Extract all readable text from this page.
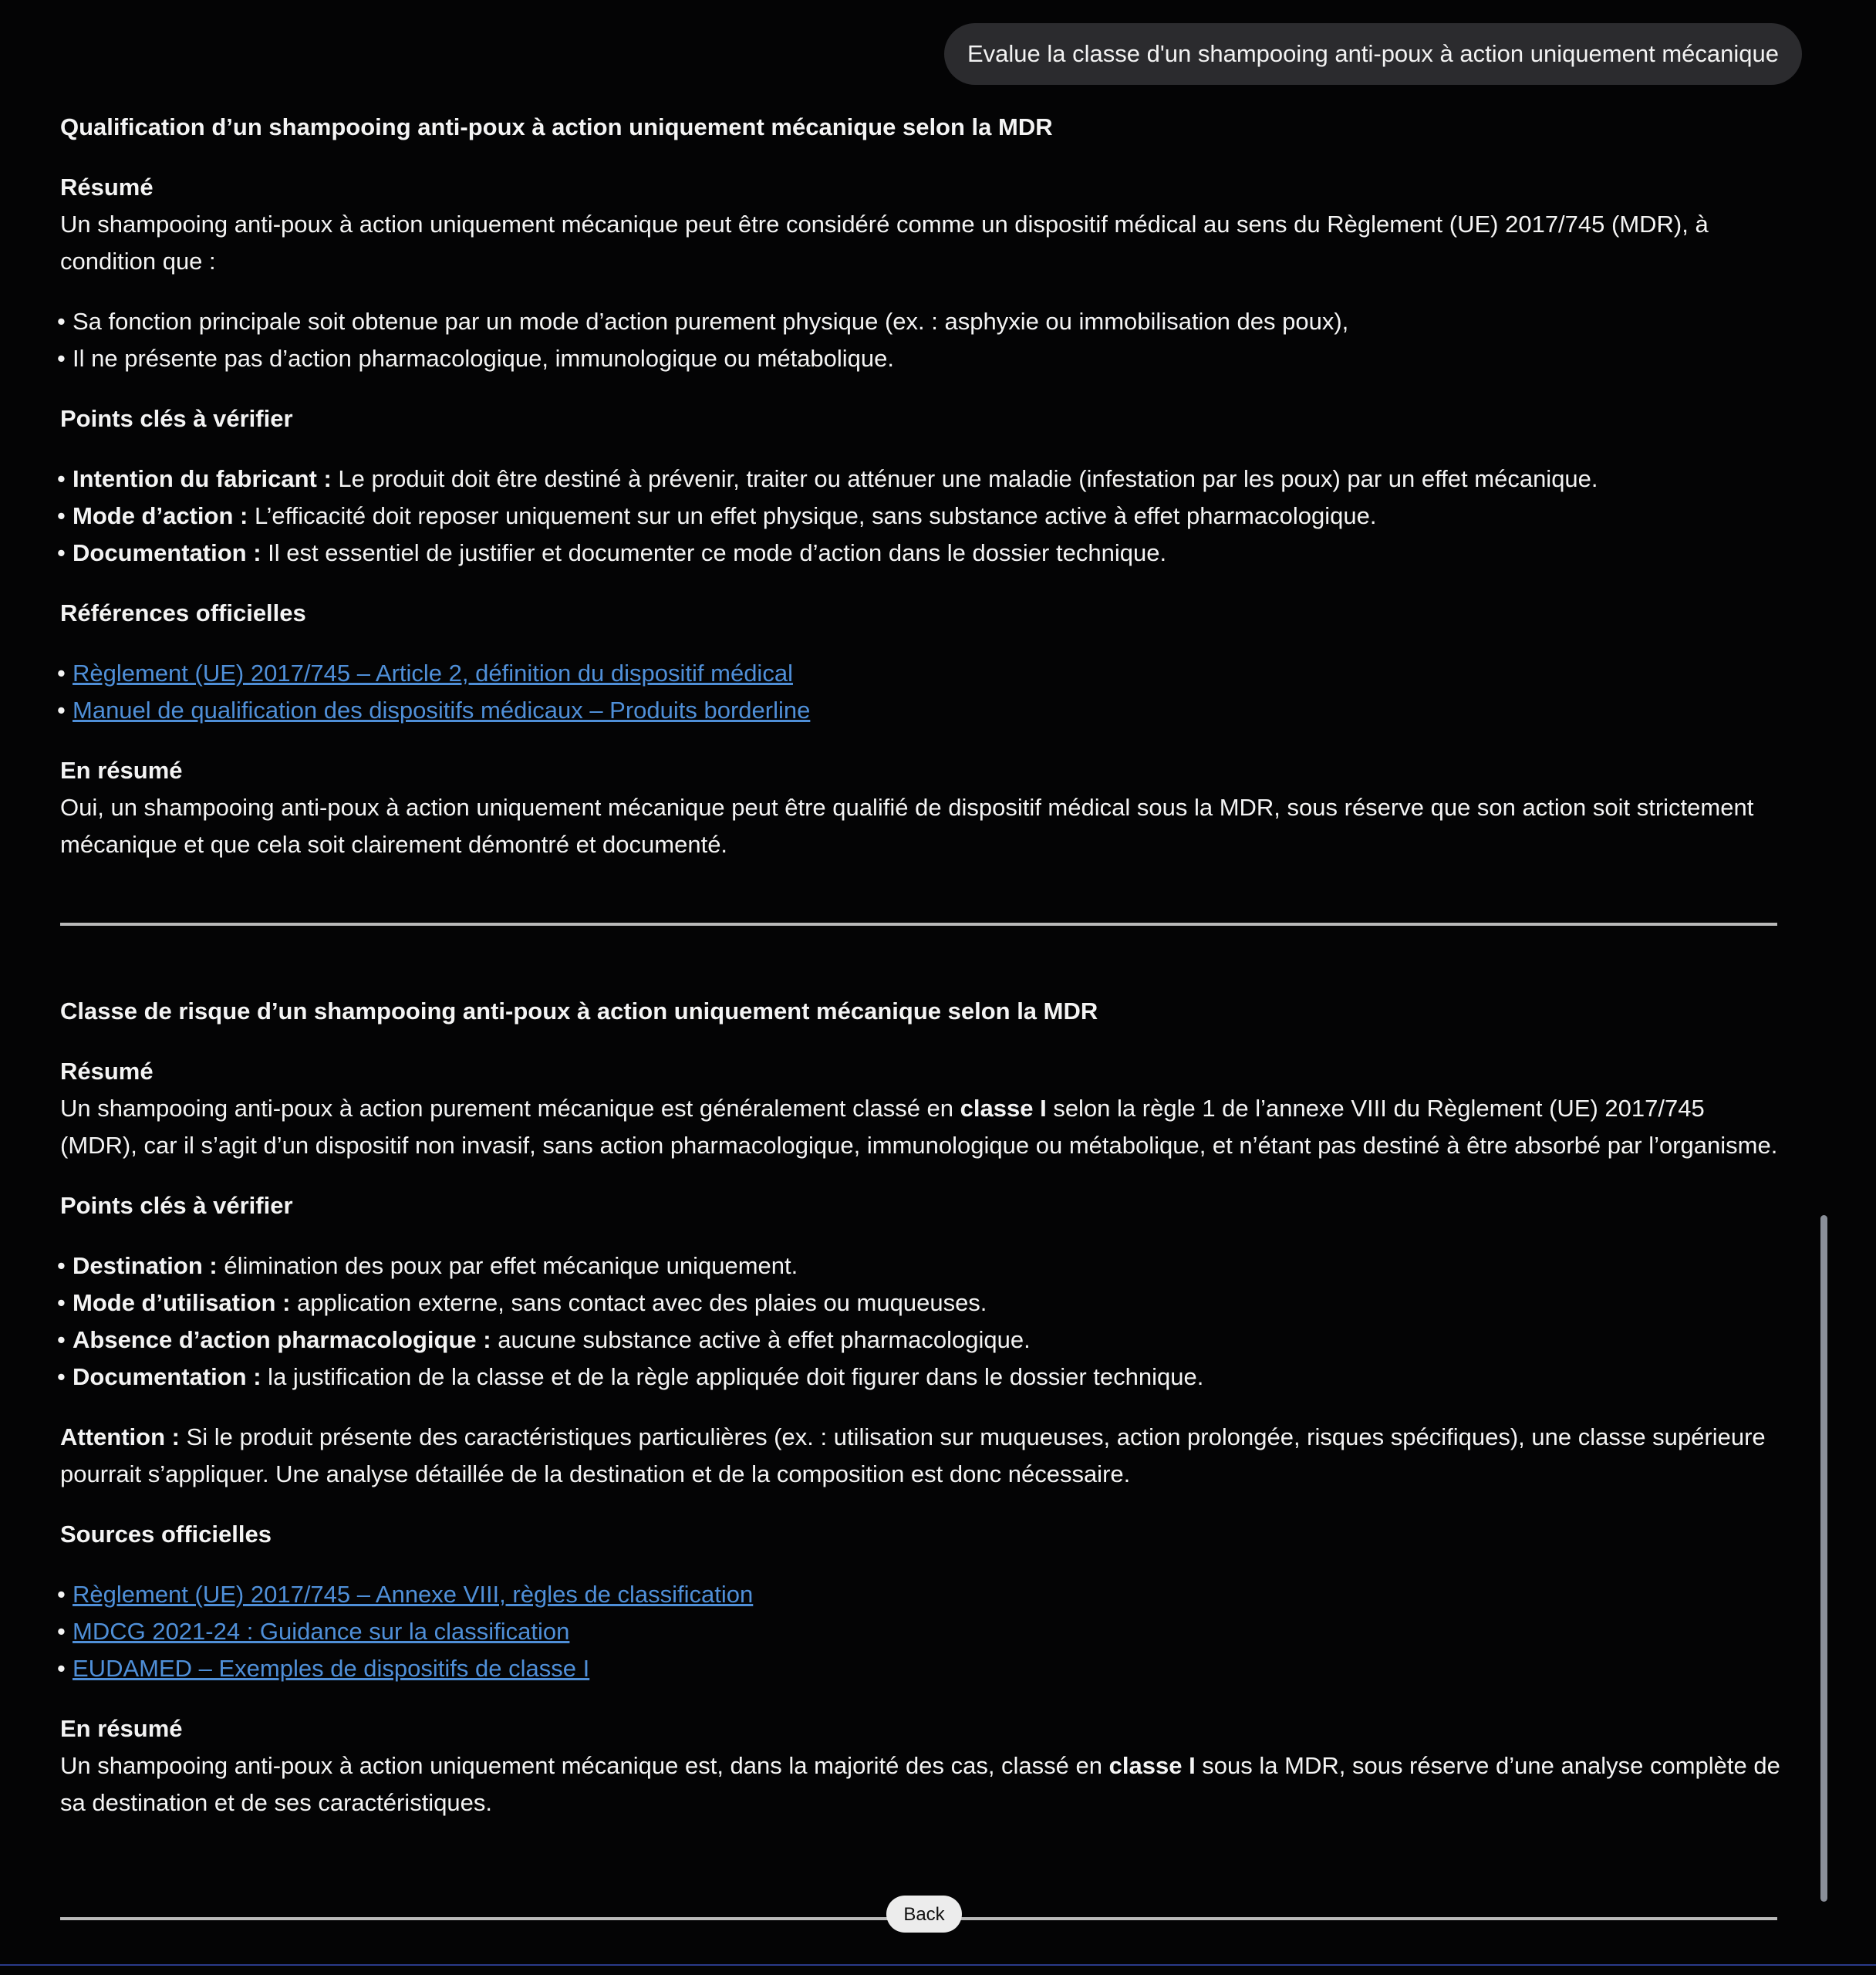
Evalue la classe d'un shampooing anti-poux à action uniquement mécanique
Qualification d’un shampooing anti-poux à action uniquement mécanique selon la MDR
Résumé

Un shampooing anti-poux à action uniquement mécanique peut être considéré comme un dispositif médical au sens du Règlement (UE) 2017/745 (MDR), à condition que :

• Sa fonction principale soit obtenue par un mode d’action purement physique (ex. : asphyxie ou immobilisation des poux),
• Il ne présente pas d’action pharmacologique, immunologique ou métabolique.
Points clés à vérifier
• Intention du fabricant : Le produit doit être destiné à prévenir, traiter ou atténuer une maladie (infestation par les poux) par un effet mécanique.
• Mode d’action : L’efficacité doit reposer uniquement sur un effet physique, sans substance active à effet pharmacologique.
• Documentation : Il est essentiel de justifier et documenter ce mode d’action dans le dossier technique.
Références officielles
• Règlement (UE) 2017/745 – Article 2, définition du dispositif médical
• Manuel de qualification des dispositifs médicaux – Produits borderline
En résumé

Oui, un shampooing anti-poux à action uniquement mécanique peut être qualifié de dispositif médical sous la MDR, sous réserve que son action soit strictement mécanique et que cela soit clairement démontré et documenté.

Classe de risque d’un shampooing anti-poux à action uniquement mécanique selon la MDR
Résumé

Un shampooing anti-poux à action purement mécanique est généralement classé en classe I selon la règle 1 de l’annexe VIII du Règlement (UE) 2017/745 (MDR), car il s’agit d’un dispositif non invasif, sans action pharmacologique, immunologique ou métabolique, et n’étant pas destiné à être absorbé par l’organisme.

Points clés à vérifier
• Destination : élimination des poux par effet mécanique uniquement.
• Mode d’utilisation : application externe, sans contact avec des plaies ou muqueuses.
• Absence d’action pharmacologique : aucune substance active à effet pharmacologique.
• Documentation : la justification de la classe et de la règle appliquée doit figurer dans le dossier technique.

Attention : Si le produit présente des caractéristiques particulières (ex. : utilisation sur muqueuses, action prolongée, risques spécifiques), une classe supérieure pourrait s’appliquer. Une analyse détaillée de la destination et de la composition est donc nécessaire.

Sources officielles
• Règlement (UE) 2017/745 – Annexe VIII, règles de classification
• MDCG 2021-24 : Guidance sur la classification
• EUDAMED – Exemples de dispositifs de classe I
En résumé

Un shampooing anti-poux à action uniquement mécanique est, dans la majorité des cas, classé en classe I sous la MDR, sous réserve d’une analyse complète de sa destination et de ses caractéristiques.

Back
